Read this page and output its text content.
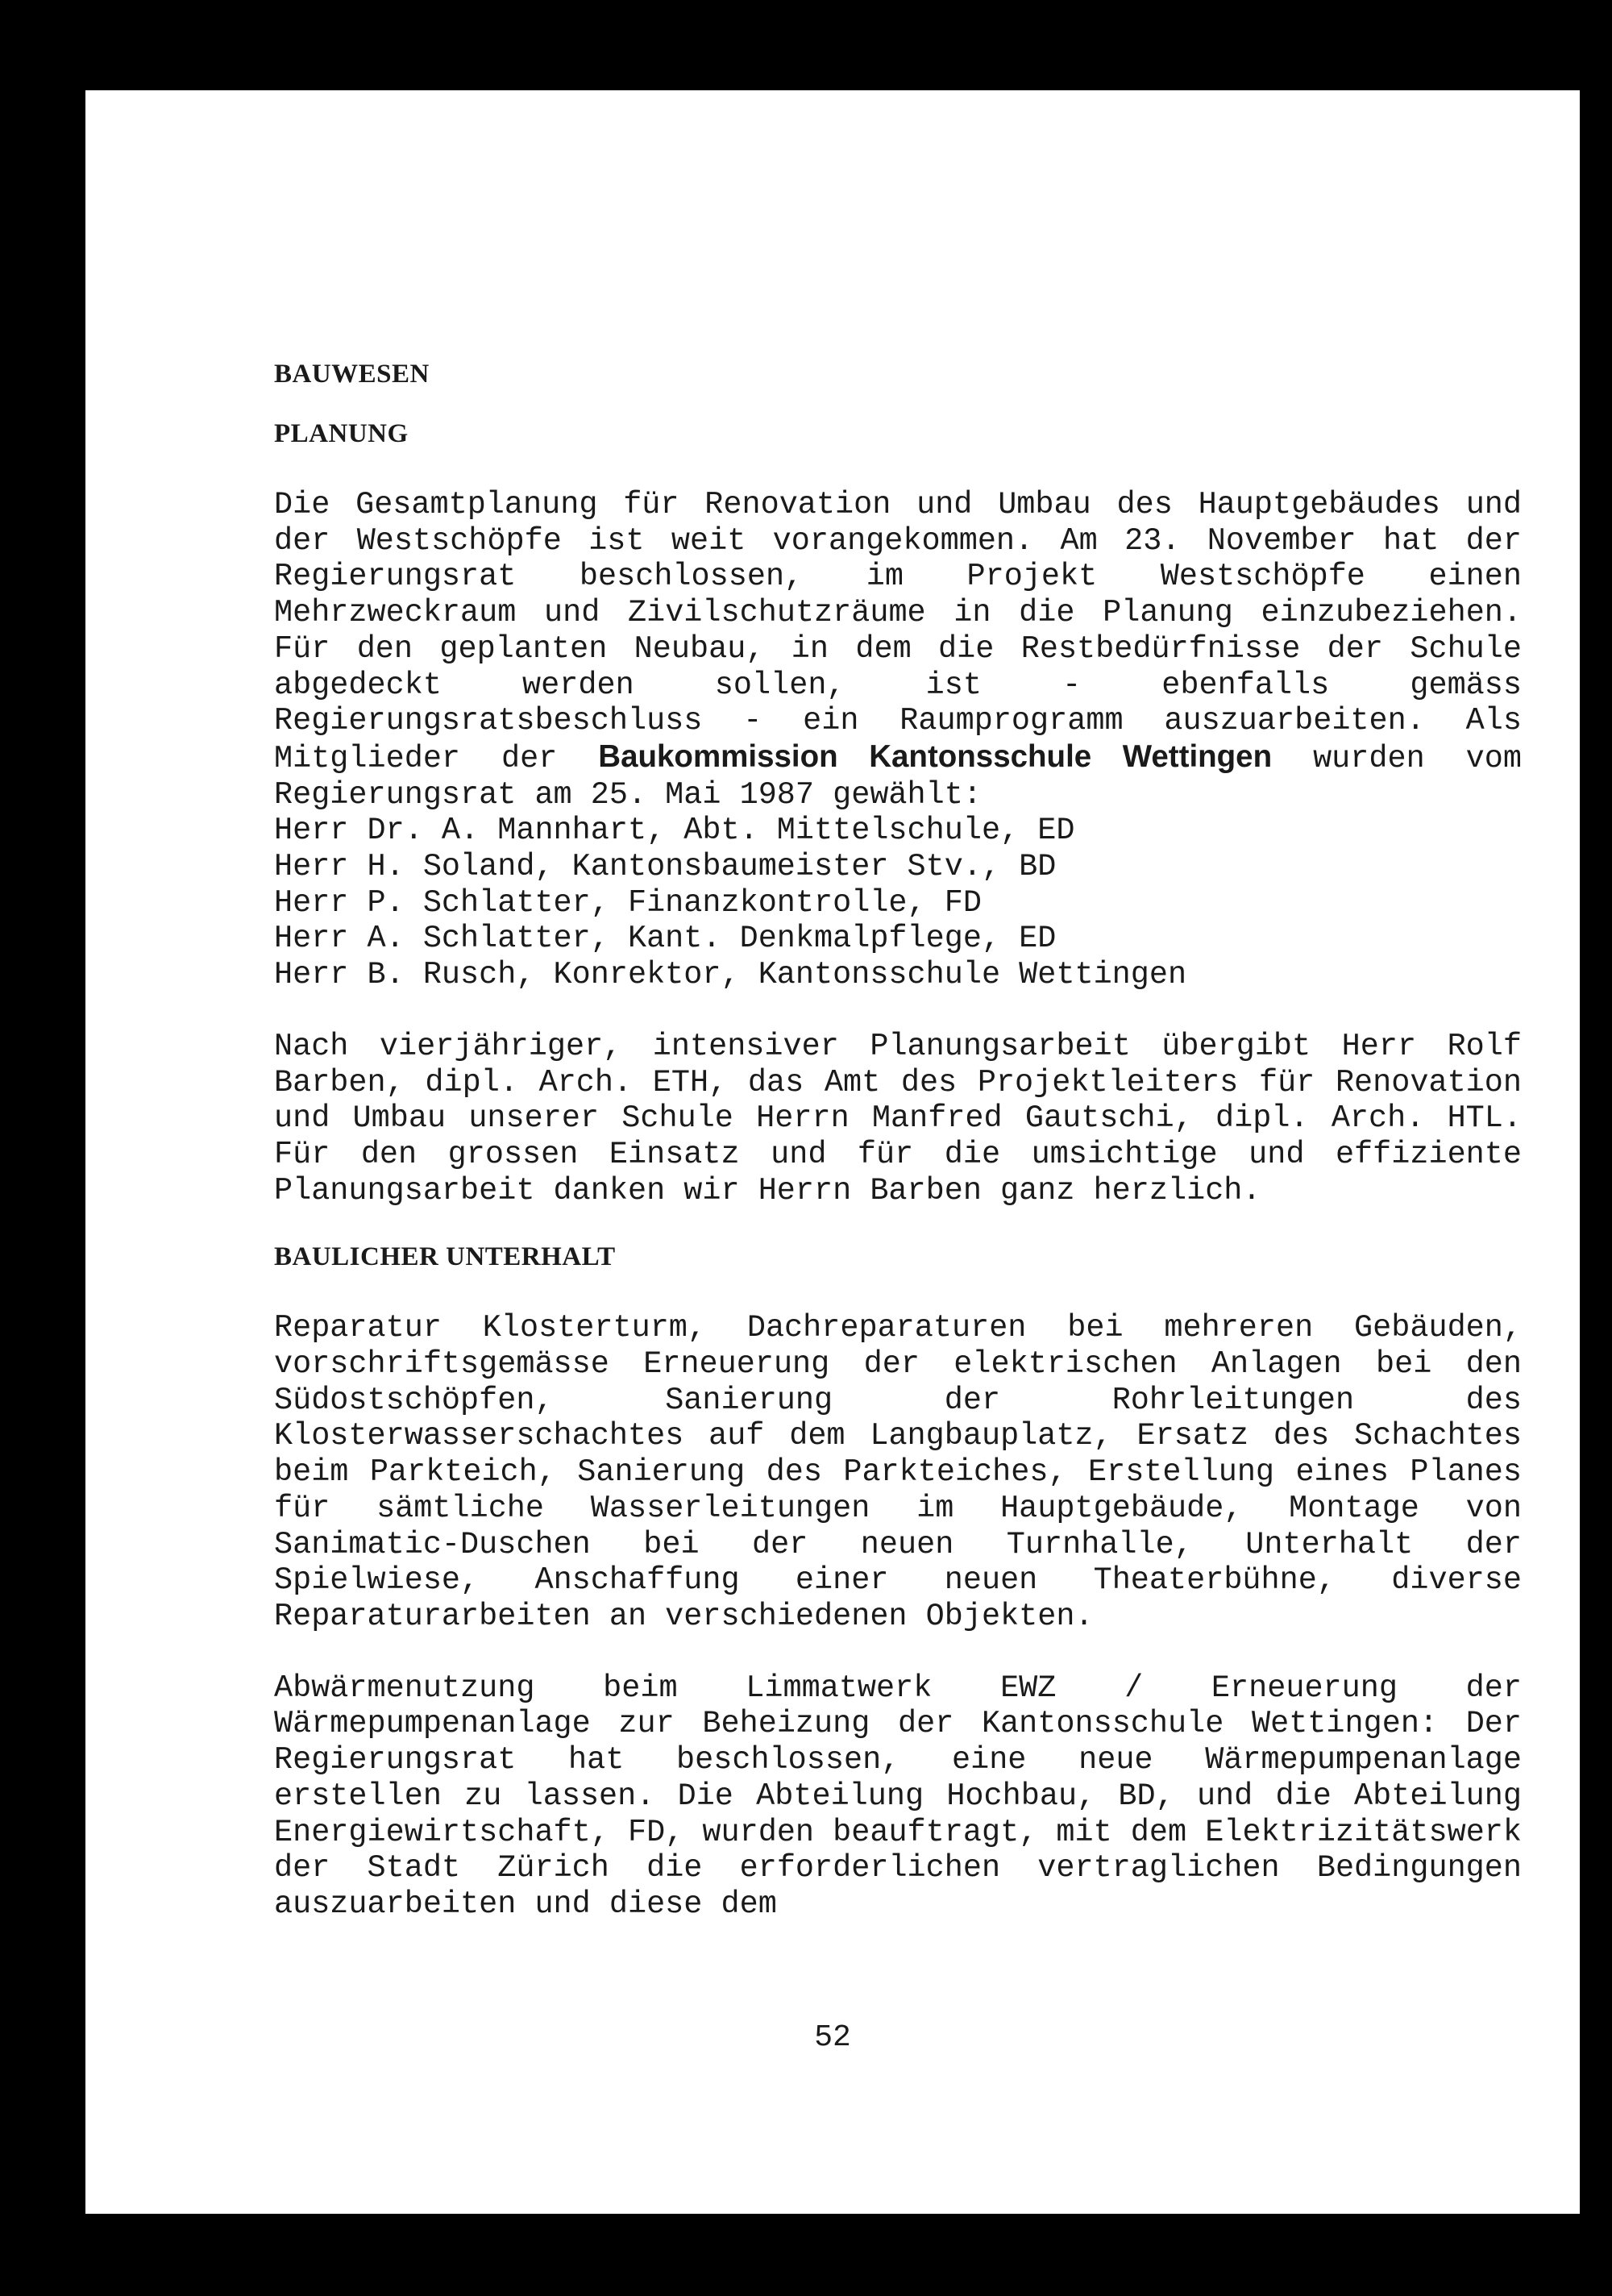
BAUWESEN
PLANUNG

Die Gesamtplanung für Renovation und Umbau des Hauptgebäudes und der Westschöpfe ist weit vorangekommen. Am 23. November hat der Regierungsrat beschlossen, im Projekt Westschöpfe einen Mehrzweckraum und Zivilschutzräume in die Planung einzubeziehen. Für den geplanten Neubau, in dem die Restbedürfnisse der Schule abgedeckt werden sollen, ist - ebenfalls gemäss Regierungsratsbeschluss - ein Raumprogramm auszuarbeiten. Als Mitglieder der Baukommission Kantonsschule Wettingen wurden vom Regierungsrat am 25. Mai 1987 gewählt:

Herr Dr. A. Mannhart, Abt. Mittelschule, ED
Herr H. Soland, Kantonsbaumeister Stv., BD
Herr P. Schlatter, Finanzkontrolle, FD
Herr A. Schlatter, Kant. Denkmalpflege, ED
Herr B. Rusch, Konrektor, Kantonsschule Wettingen

Nach vierjähriger, intensiver Planungsarbeit übergibt Herr Rolf Barben, dipl. Arch. ETH, das Amt des Projektleiters für Renovation und Umbau unserer Schule Herrn Manfred Gautschi, dipl. Arch. HTL. Für den grossen Einsatz und für die umsichtige und effiziente Planungsarbeit danken wir Herrn Barben ganz herzlich.

BAULICHER UNTERHALT

Reparatur Klosterturm, Dachreparaturen bei mehreren Gebäuden, vorschriftsgemässe Erneuerung der elektrischen Anlagen bei den Südostschöpfen, Sanierung der Rohrleitungen des Klosterwasserschachtes auf dem Langbauplatz, Ersatz des Schachtes beim Parkteich, Sanierung des Parkteiches, Erstellung eines Planes für sämtliche Wasserleitungen im Hauptgebäude, Montage von Sanimatic-Duschen bei der neuen Turnhalle, Unterhalt der Spielwiese, Anschaffung einer neuen Theaterbühne, diverse Reparaturarbeiten an verschiedenen Objekten.

Abwärmenutzung beim Limmatwerk EWZ / Erneuerung der Wärmepumpenanlage zur Beheizung der Kantonsschule Wettingen: Der Regierungsrat hat beschlossen, eine neue Wärmepumpenanlage erstellen zu lassen. Die Abteilung Hochbau, BD, und die Abteilung Energiewirtschaft, FD, wurden beauftragt, mit dem Elektrizitätswerk der Stadt Zürich die erforderlichen vertraglichen Bedingungen auszuarbeiten und diese dem

52
